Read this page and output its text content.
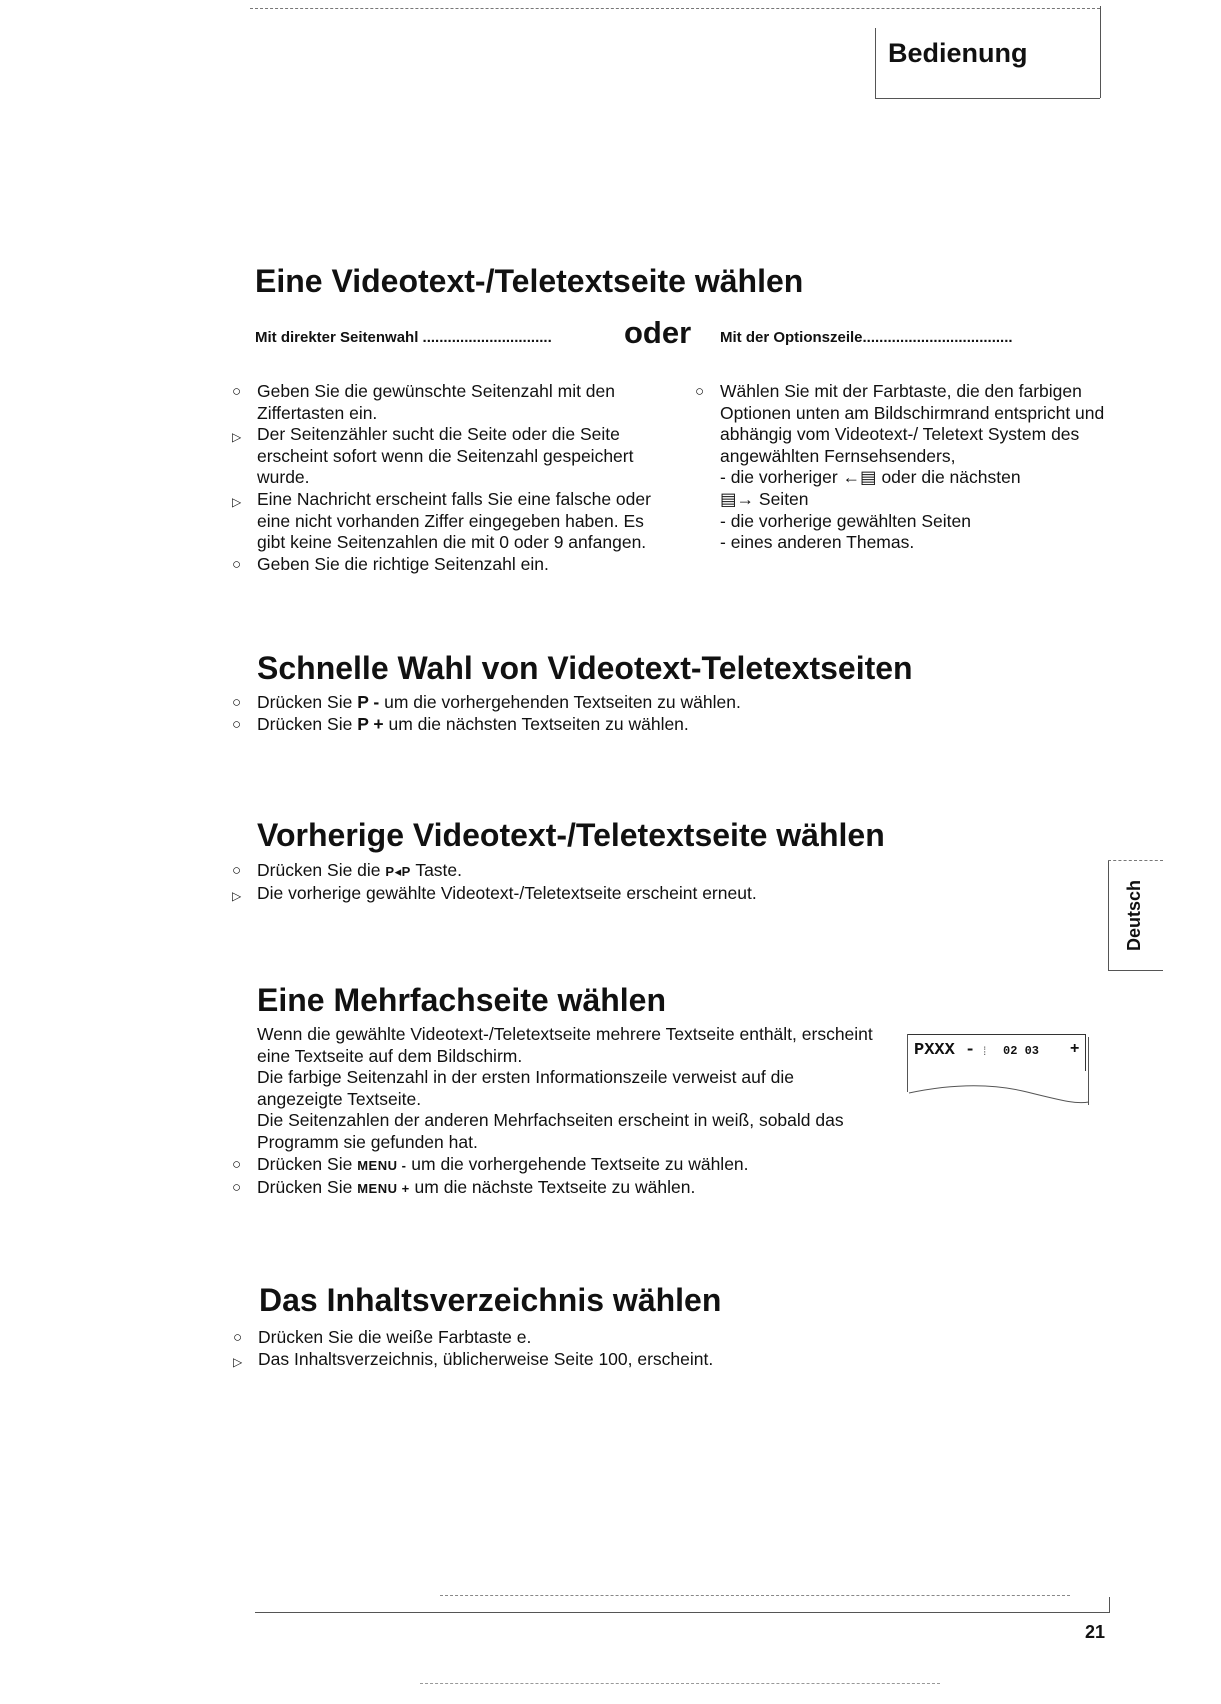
Bedienung
Eine Videotext-/Teletextseite wählen
Mit direkter Seitenwahl ............................... oder Mit der Optionszeile....................................
○ Geben Sie die gewünschte Seitenzahl mit den Ziffertasten ein.
▷ Der Seitenzähler sucht die Seite oder die Seite erscheint sofort wenn die Seitenzahl gespeichert wurde.
▷ Eine Nachricht erscheint falls Sie eine falsche oder eine nicht vorhanden Ziffer eingegeben haben. Es gibt keine Seitenzahlen die mit 0 oder 9 anfangen.
○ Geben Sie die richtige Seitenzahl ein.
○ Wählen Sie mit der Farbtaste, die den farbigen Optionen unten am Bildschirmrand entspricht und abhängig vom Videotext-/ Teletext System des angewählten Fernsehsenders,
- die vorheriger ←▤ oder die nächsten ▤→ Seiten
- die vorherige gewählten Seiten
- eines anderen Themas.
Schnelle Wahl von Videotext-Teletextseiten
○ Drücken Sie P - um die vorhergehenden Textseiten zu wählen.
○ Drücken Sie P + um die nächsten Textseiten zu wählen.
Vorherige Videotext-/Teletextseite wählen
○ Drücken Sie die P◂P Taste.
▷ Die vorherige gewählte Videotext-/Teletextseite erscheint erneut.	Deutsch
Eine Mehrfachseite wählen

Wenn die gewählte Videotext-/Teletextseite mehrere Textseite enthält, erscheint eine Textseite auf dem Bildschirm.

Die farbige Seitenzahl in der ersten Informationszeile verweist auf die angezeigte Textseite.

Die Seitenzahlen der anderen Mehrfachseiten erscheint in weiß, sobald das Programm sie gefunden hat.

○ Drücken Sie MENU - um die vorhergehende Textseite zu wählen.
○ Drücken Sie MENU + um die nächste Textseite zu wählen.
PXXX - ⁞ 02 03 +
Das Inhaltsverzeichnis wählen
○ Drücken Sie die weiße Farbtaste e.
▷ Das Inhaltsverzeichnis, üblicherweise Seite 100, erscheint.
21
